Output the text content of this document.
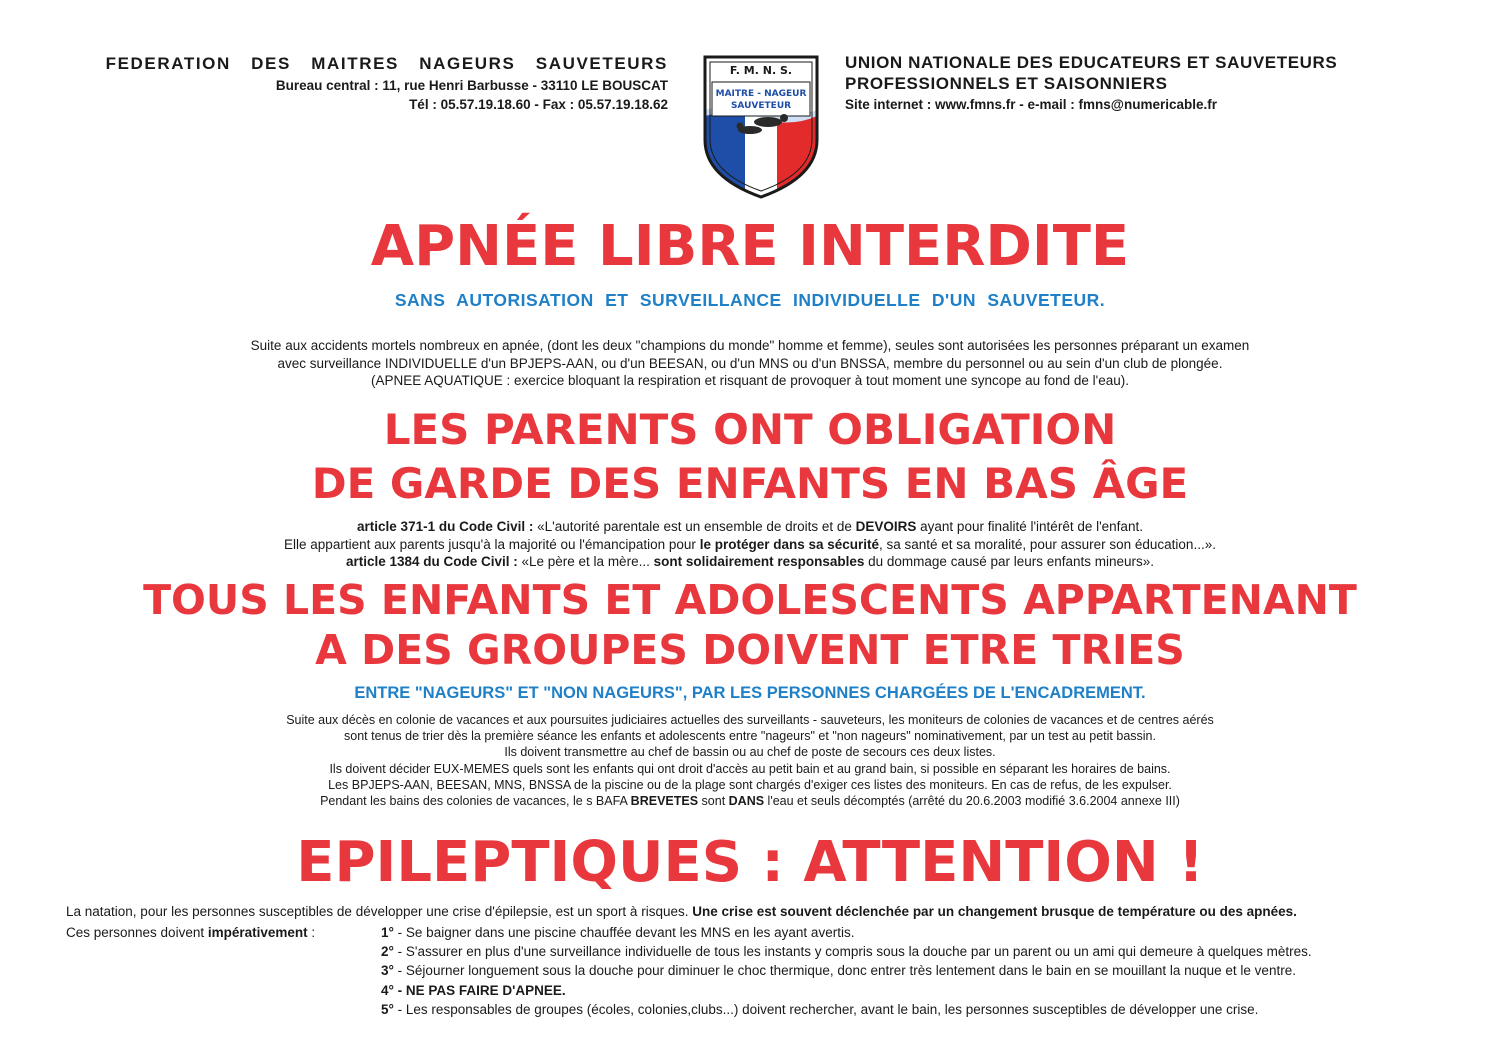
FEDERATION DES MAITRES NAGEURS SAUVETEURS
Bureau central : 11, rue Henri Barbusse - 33110 LE BOUSCAT
Tél : 05.57.19.18.60 - Fax : 05.57.19.18.62
F. M. N. S.
MAITRE - NAGEUR
SAUVETEUR
UNION NATIONALE DES EDUCATEURS ET SAUVETEURS
PROFESSIONNELS ET SAISONNIERS
Site internet : www.fmns.fr - e-mail : fmns@numericable.fr
APNÉE LIBRE INTERDITE
SANS AUTORISATION ET SURVEILLANCE INDIVIDUELLE D'UN SAUVETEUR.
Suite aux accidents mortels nombreux en apnée, (dont les deux "champions du monde" homme et femme), seules sont autorisées les personnes préparant un examen
avec surveillance INDIVIDUELLE d'un BPJEPS-AAN, ou d'un BEESAN, ou d'un MNS ou d'un BNSSA, membre du personnel ou au sein d'un club de plongée.
(APNEE AQUATIQUE : exercice bloquant la respiration et risquant de provoquer à tout moment une syncope au fond de l'eau).
LES PARENTS ONT OBLIGATION
DE GARDE DES ENFANTS EN BAS ÂGE
article 371-1 du Code Civil : «L'autorité parentale est un ensemble de droits et de DEVOIRS ayant pour finalité l'intérêt de l'enfant.
Elle appartient aux parents jusqu'à la majorité ou l'émancipation pour le protéger dans sa sécurité, sa santé et sa moralité, pour assurer son éducation...».
article 1384 du Code Civil : «Le père et la mère... sont solidairement responsables du dommage causé par leurs enfants mineurs».
TOUS LES ENFANTS ET ADOLESCENTS APPARTENANT
A DES GROUPES DOIVENT ETRE TRIES
ENTRE "NAGEURS" ET "NON NAGEURS", PAR LES PERSONNES CHARGÉES DE L'ENCADREMENT.
Suite aux décès en colonie de vacances et aux poursuites judiciaires actuelles des surveillants - sauveteurs, les moniteurs de colonies de vacances et de centres aérés
sont tenus de trier dès la première séance les enfants et adolescents entre "nageurs" et "non nageurs" nominativement, par un test au petit bassin.
Ils doivent transmettre au chef de bassin ou au chef de poste de secours ces deux listes.
Ils doivent décider EUX-MEMES quels sont les enfants qui ont droit d'accès au petit bain et au grand bain, si possible en séparant les horaires de bains.
Les BPJEPS-AAN, BEESAN, MNS, BNSSA de la piscine ou de la plage sont chargés d'exiger ces listes des moniteurs. En cas de refus, de les expulser.
Pendant les bains des colonies de vacances, le s BAFA BREVETES sont DANS l'eau et seuls décomptés (arrêté du 20.6.2003 modifié 3.6.2004 annexe III)
EPILEPTIQUES : ATTENTION !
La natation, pour les personnes susceptibles de développer une crise d'épilepsie, est un sport à risques. Une crise est souvent déclenchée par un changement brusque de température ou des apnées.
Ces personnes doivent impérativement :	1° - Se baigner dans une piscine chauffée devant les MNS en les ayant avertis.
2° - S'assurer en plus d'une surveillance individuelle de tous les instants y compris sous la douche par un parent ou un ami qui demeure à quelques mètres.
3° - Séjourner longuement sous la douche pour diminuer le choc thermique, donc entrer très lentement dans le bain en se mouillant la nuque et le ventre.
4° - NE PAS FAIRE D'APNEE.
5° - Les responsables de groupes (écoles, colonies,clubs...) doivent rechercher, avant le bain, les personnes susceptibles de développer une crise.
